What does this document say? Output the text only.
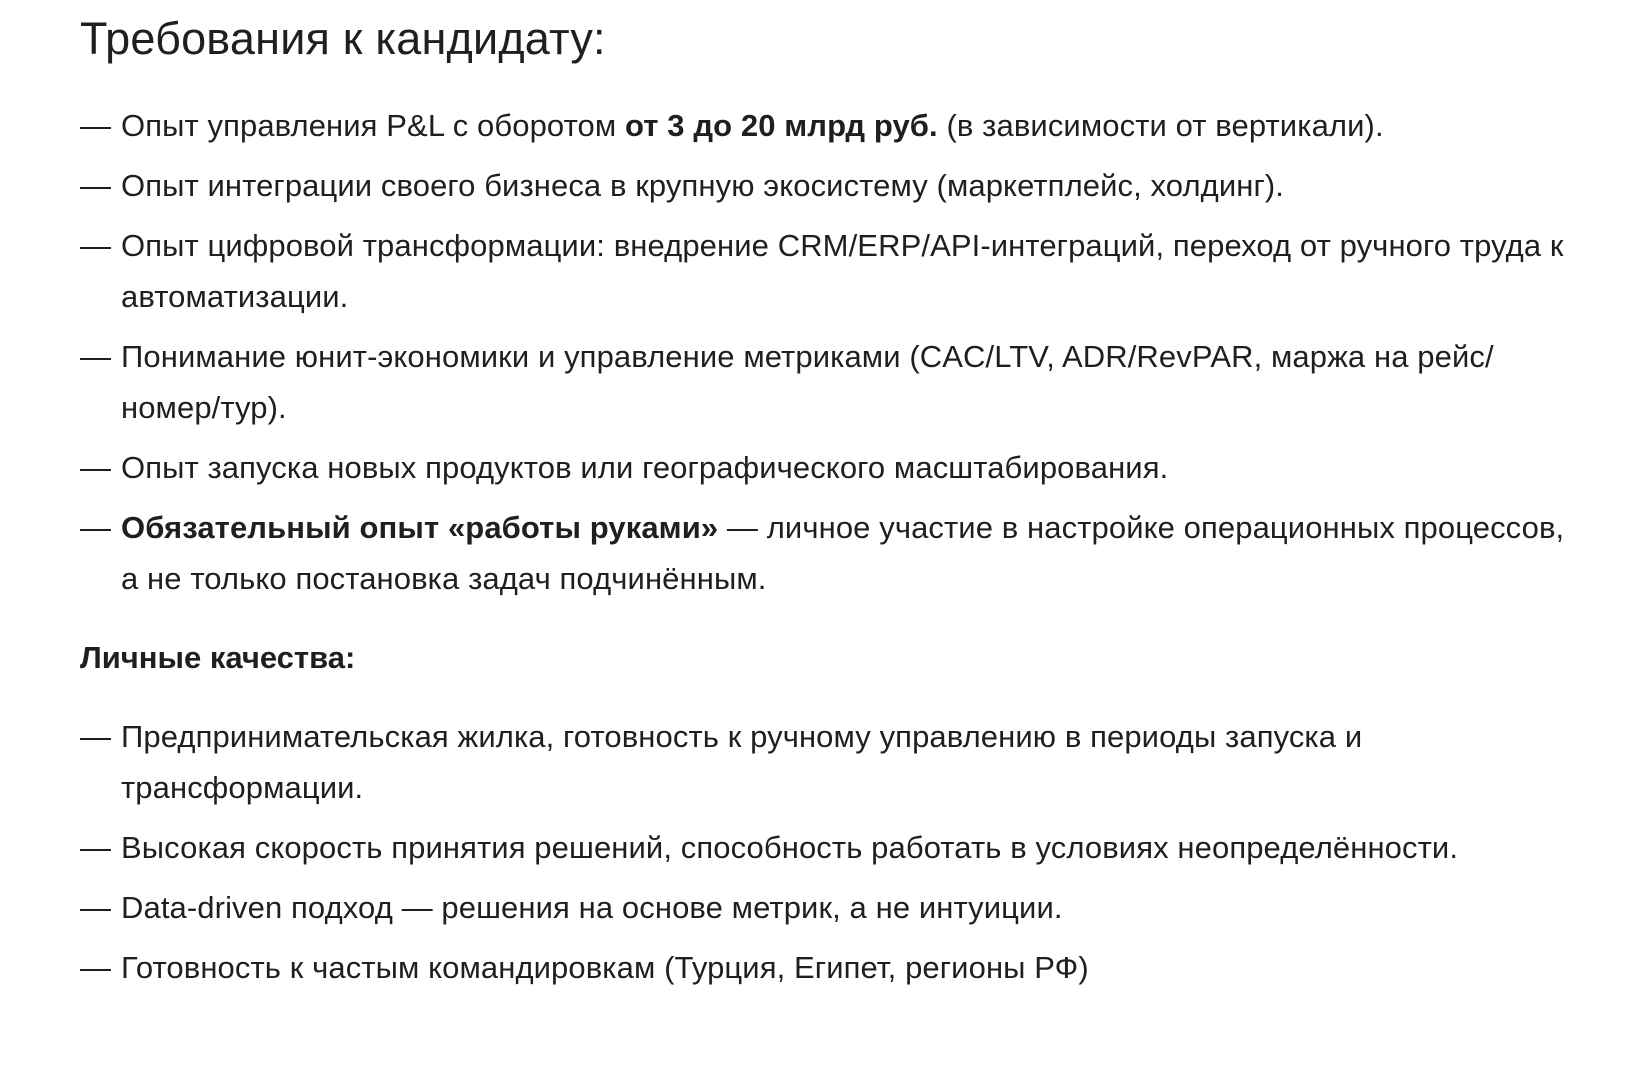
Требования к кандидату:
— Опыт управления P&L с оборотом от 3 до 20 млрд руб. (в зависимости от вертикали).
— Опыт интеграции своего бизнеса в крупную экосистему (маркетплейс, холдинг).
— Опыт цифровой трансформации: внедрение CRM/ERP/API-интеграций, переход от ручного труда к автоматизации.
— Понимание юнит-экономики и управление метриками (CAC/LTV, ADR/RevPAR, маржа на рейс/номер/тур).
— Опыт запуска новых продуктов или географического масштабирования.
— Обязательный опыт «работы руками» — личное участие в настройке операционных процессов, а не только постановка задач подчинённым.
Личные качества:
— Предпринимательская жилка, готовность к ручному управлению в периоды запуска и трансформации.
— Высокая скорость принятия решений, способность работать в условиях неопределённости.
— Data-driven подход — решения на основе метрик, а не интуиции.
— Готовность к частым командировкам (Турция, Египет, регионы РФ)
